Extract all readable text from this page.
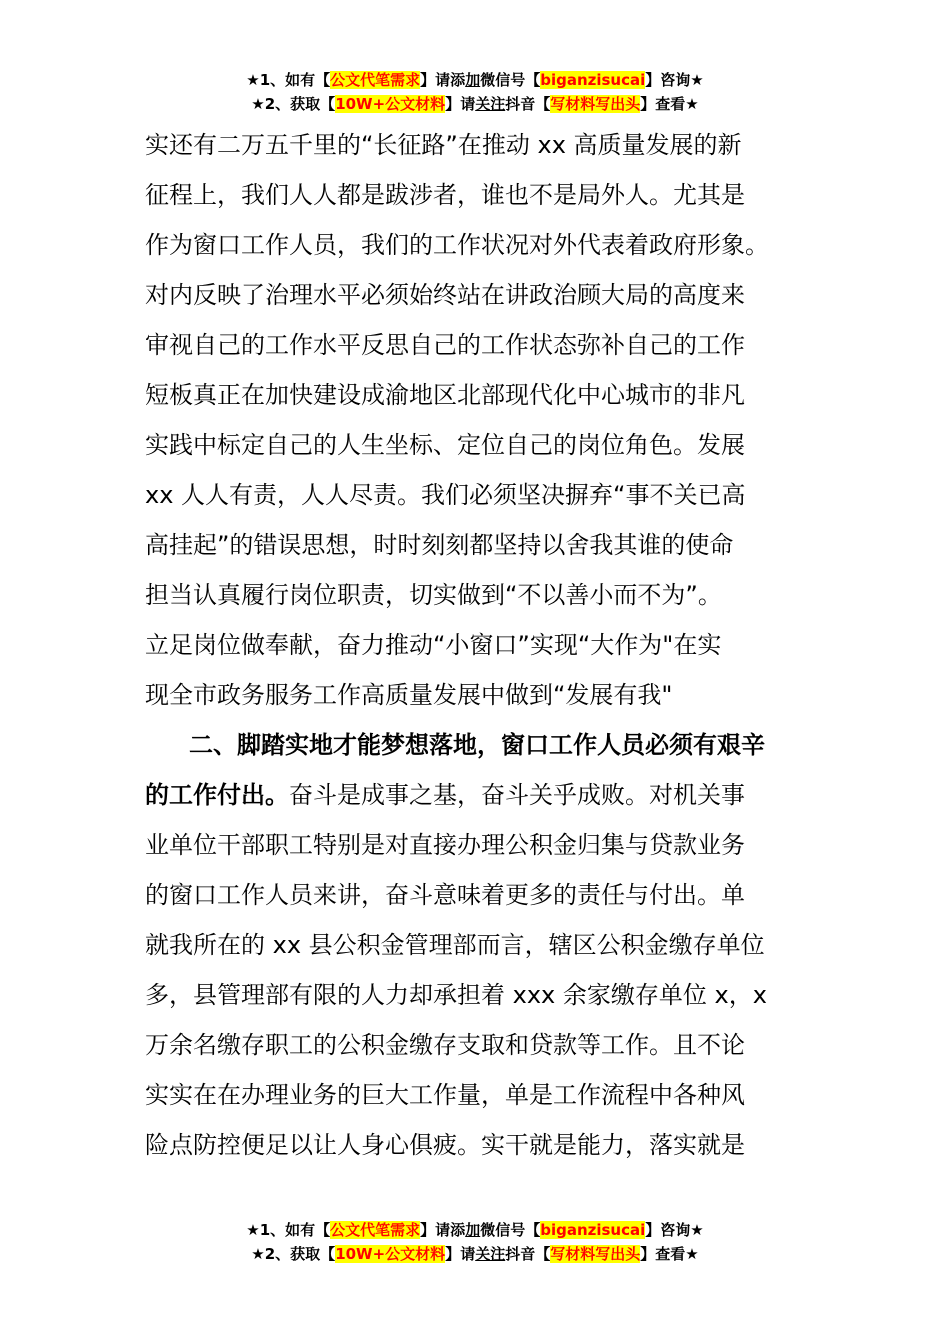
★1、如有【公文代笔需求】请添加微信号【biganzisucai】咨询★
★2、获取【10W+公文材料】请关注抖音【写材料写出头】查看★
实还有二万五千里的“长征路”在推动 xx 高质量发展的新
征程上，我们人人都是跋涉者，谁也不是局外人。尤其是
作为窗口工作人员，我们的工作状况对外代表着政府形象。
对内反映了治理水平必须始终站在讲政治顾大局的高度来
审视自己的工作水平反思自己的工作状态弥补自己的工作
短板真正在加快建设成渝地区北部现代化中心城市的非凡
实践中标定自己的人生坐标、定位自己的岗位角色。发展
xx 人人有责，人人尽责。我们必须坚决摒弃“事不关已高
高挂起”的错误思想，时时刻刻都坚持以舍我其谁的使命
担当认真履行岗位职责，切实做到“不以善小而不为”。
立足岗位做奉献，奋力推动“小窗口”实现“大作为"在实
现全市政务服务工作高质量发展中做到“发展有我"
二、脚踏实地才能梦想落地，窗口工作人员必须有艰辛
的工作付出。奋斗是成事之基，奋斗关乎成败。对机关事
业单位干部职工特别是对直接办理公积金归集与贷款业务
的窗口工作人员来讲，奋斗意味着更多的责任与付出。单
就我所在的 xx 县公积金管理部而言，辖区公积金缴存单位
多，县管理部有限的人力却承担着 xxx 余家缴存单位 x，x
万余名缴存职工的公积金缴存支取和贷款等工作。且不论
实实在在办理业务的巨大工作量，单是工作流程中各种风
险点防控便足以让人身心俱疲。实干就是能力，落实就是
★1、如有【公文代笔需求】请添加微信号【biganzisucai】咨询★
★2、获取【10W+公文材料】请关注抖音【写材料写出头】查看★
